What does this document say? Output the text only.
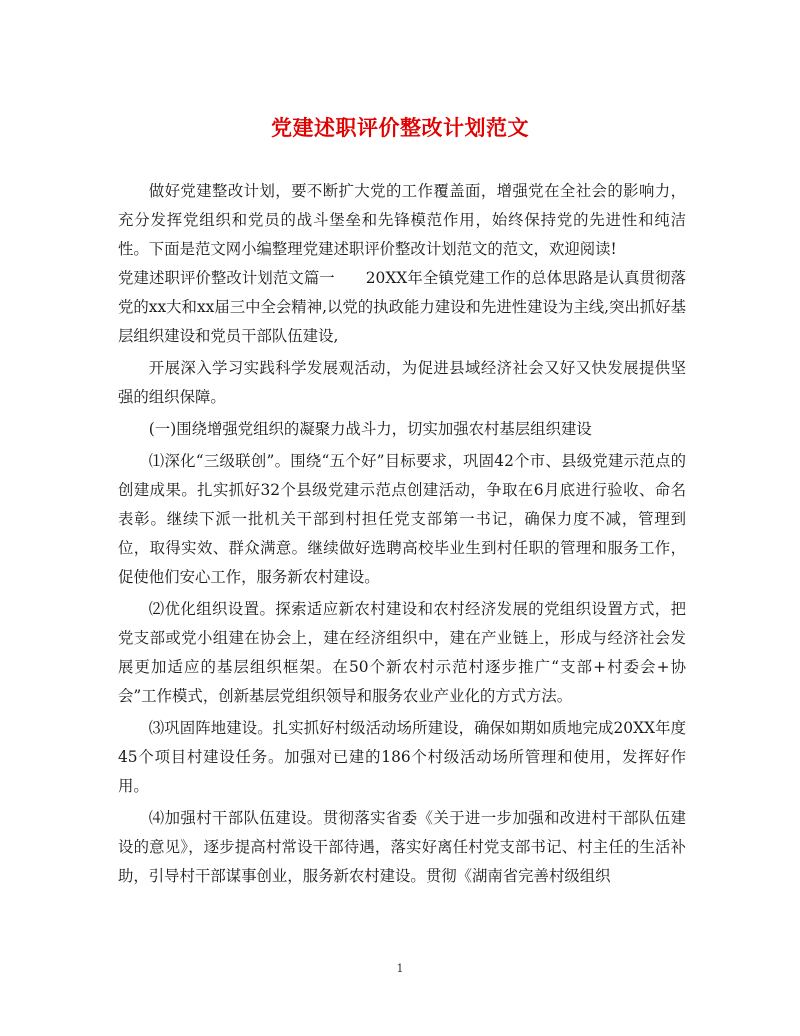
党建述职评价整改计划范文

做好党建整改计划，要不断扩大党的工作覆盖面，增强党在全社会的影响力，充分发挥党组织和党员的战斗堡垒和先锋模范作用，始终保持党的先进性和纯洁性。下面是范文网小编整理党建述职评价整改计划范文的范文，欢迎阅读!

党建述职评价整改计划范文篇一　　20XX年全镇党建工作的总体思路是认真贯彻落党的xx大和xx届三中全会精神,以党的执政能力建设和先进性建设为主线,突出抓好基层组织建设和党员干部队伍建设,

开展深入学习实践科学发展观活动，为促进县域经济社会又好又快发展提供坚强的组织保障。

(一)围绕增强党组织的凝聚力战斗力，切实加强农村基层组织建设

⑴深化“三级联创”。围绕“五个好”目标要求，巩固42个市、县级党建示范点的创建成果。扎实抓好32个县级党建示范点创建活动，争取在6月底进行验收、命名表彰。继续下派一批机关干部到村担任党支部第一书记，确保力度不减，管理到位，取得实效、群众满意。继续做好选聘高校毕业生到村任职的管理和服务工作，促使他们安心工作，服务新农村建设。

⑵优化组织设置。探索适应新农村建设和农村经济发展的党组织设置方式，把党支部或党小组建在协会上，建在经济组织中，建在产业链上，形成与经济社会发展更加适应的基层组织框架。在50个新农村示范村逐步推广“支部+村委会+协会”工作模式，创新基层党组织领导和服务农业产业化的方式方法。

⑶巩固阵地建设。扎实抓好村级活动场所建设，确保如期如质地完成20XX年度45个项目村建设任务。加强对已建的186个村级活动场所管理和使用，发挥好作用。

⑷加强村干部队伍建设。贯彻落实省委《关于进一步加强和改进村干部队伍建设的意见》，逐步提高村常设干部待遇，落实好离任村党支部书记、村主任的生活补助，引导村干部谋事创业，服务新农村建设。贯彻《湖南省完善村级组织

1
